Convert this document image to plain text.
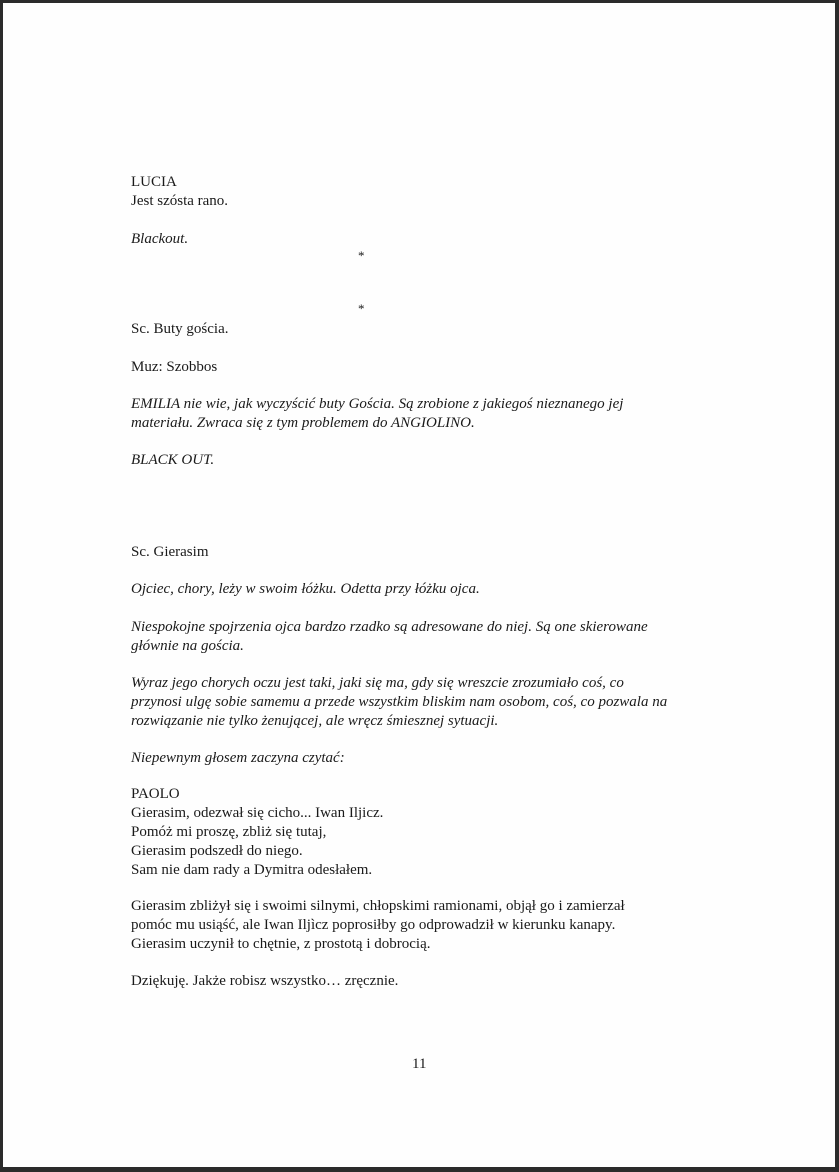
LUCIA

Jest szósta rano.

Blackout.

*
*

Sc. Buty gościa.

Muz: Szobbos

EMILIA nie wie, jak wyczyścić buty Gościa. Są zrobione z jakiegoś nieznanego jej

materiału. Zwraca się z tym problemem do ANGIOLINO.

BLACK OUT.

Sc. Gierasim

Ojciec, chory, leży w swoim łóżku. Odetta przy łóżku ojca.

Niespokojne spojrzenia ojca bardzo rzadko są adresowane do niej. Są one skierowane

głównie na gościa.

Wyraz jego chorych oczu jest taki, jaki się ma, gdy się wreszcie zrozumiało coś, co

przynosi ulgę sobie samemu a przede wszystkim bliskim nam osobom, coś, co pozwala na

rozwiązanie nie tylko żenującej, ale wręcz śmiesznej sytuacji.

Niepewnym głosem zaczyna czytać:

PAOLO

Gierasim, odezwał się cicho... Iwan Iljicz.

Pomóż mi proszę, zbliż się tutaj,

Gierasim podszedł do niego.

Sam nie dam rady a Dymitra odesłałem.

Gierasim zbliżył się i swoimi silnymi, chłopskimi ramionami, objął go i zamierzał

pomóc mu usiąść, ale Iwan Iljìcz poprosiłby go odprowadził w kierunku kanapy.

Gierasim uczynił to chętnie, z prostotą i dobrocią.

Dziękuję. Jakże robisz wszystko… zręcznie.

11
